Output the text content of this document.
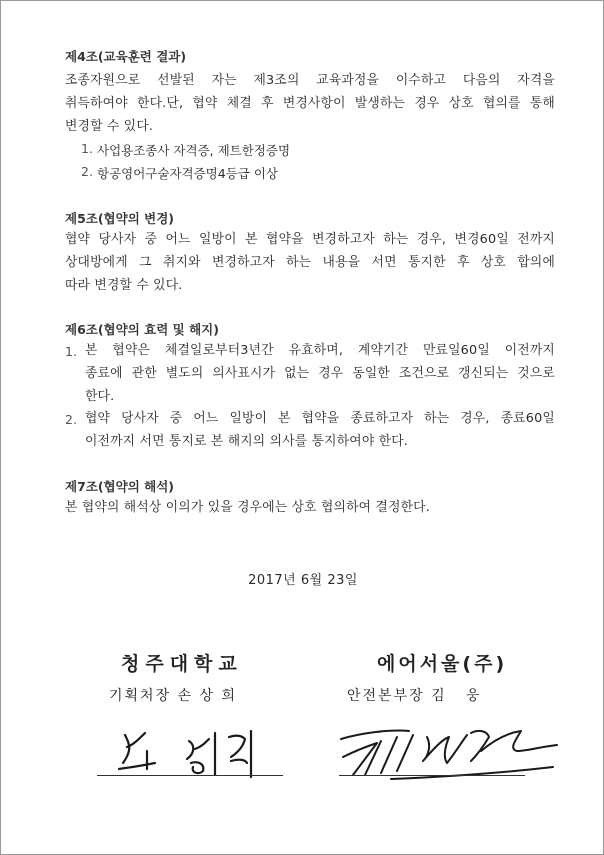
제4조(교육훈련 결과)
조종자원으로 선발된 자는 제3조의 교육과정을 이수하고 다음의 자격을
취득하여야 한다.단, 협약 체결 후 변경사항이 발생하는 경우 상호 협의를 통해
변경할 수 있다.
1. 사업용조종사 자격증, 제트한정증명
2. 항공영어구술자격증명4등급 이상
제5조(협약의 변경)
협약 당사자 중 어느 일방이 본 협약을 변경하고자 하는 경우, 변경60일 전까지
상대방에게 그 취지와 변경하고자 하는 내용을 서면 통지한 후 상호 합의에
따라 변경할 수 있다.
제6조(협약의 효력 및 해지)
1. 본 협약은 체결일로부터3년간 유효하며, 계약기간 만료일60일 이전까지
종료에 관한 별도의 의사표시가 없는 경우 동일한 조건으로 갱신되는 것으로
한다.
2. 협약 당사자 중 어느 일방이 본 협약을 종료하고자 하는 경우, 종료60일
이전까지 서면 통지로 본 해지의 의사를 통지하여야 한다.
제7조(협약의 해석)
본 협약의 해석상 이의가 있을 경우에는 상호 협의하여 결정한다.
2017년 6월 23일
청주대학교
기획처장 손 상 희
에어서울(주)
안전본부장 김   웅
